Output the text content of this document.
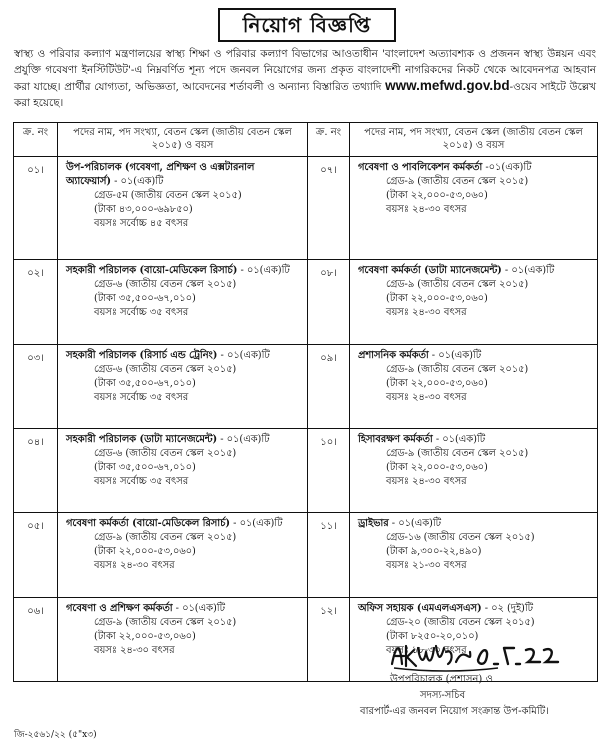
নিয়োগ বিজ্ঞপ্তি

স্বাস্থ্য ও পরিবার কল্যাণ মন্ত্রণালয়ের স্বাস্থ্য শিক্ষা ও পরিবার কল্যাণ বিভাগের আওতাধীন 'বাংলাদেশ অত্যাবশ্যক ও প্রজনন স্বাস্থ্য উন্নয়ন এবং প্রযুক্তি গবেষণা ইনস্টিটিউট'-এ নিম্নবর্ণিত শূন্য পদে জনবল নিয়োগের জন্য প্রকৃত বাংলাদেশী নাগরিকদের নিকট থেকে আবেদনপত্র আহবান করা যাচ্ছে। প্রার্থীর যোগ্যতা, অভিজ্ঞতা, আবেদনের শর্তাবলী ও অন্যান্য বিস্তারিত তথ্যাদি www.mefwd.gov.bd-ওয়েব সাইটে উল্লেখ করা হয়েছে।

ক্র. নং	পদের নাম, পদ সংখ্যা, বেতন স্কেল (জাতীয় বেতন স্কেল ২০১৫) ও বয়স	ক্র. নং	পদের নাম, পদ সংখ্যা, বেতন স্কেল (জাতীয় বেতন স্কেল ২০১৫) ও বয়স
০১।	উপ-পরিচালক (গবেষণা, প্রশিক্ষণ ও এক্সটারনাল অ্যাফেয়ার্স) - ০১(এক)টি
গ্রেড-৫ম (জাতীয় বেতন স্কেল ২০১৫)
(টাকা ৪৩,০০০-৬৯৮৫০)
বয়সঃ সর্বোচ্চ ৪৫ বৎসর	০৭।	গবেষণা ও পাবলিকেশন কর্মকর্তা -০১(এক)টি
গ্রেড-৯ (জাতীয় বেতন স্কেল ২০১৫)
(টাকা ২২,০০০-৫৩,০৬০)
বয়সঃ ২৪-৩০ বৎসর

০২।	সহকারী পরিচালক (বায়ো-মেডিকেল রিসার্চ) - ০১(এক)টি
গ্রেড-৬ (জাতীয় বেতন স্কেল ২০১৫)
(টাকা ৩৫,৫০০-৬৭,০১০)
বয়সঃ সর্বোচ্চ ৩৫ বৎসর	০৮।	গবেষণা কর্মকর্তা (ডাটা ম্যানেজমেন্ট) - ০১(এক)টি
গ্রেড-৯ (জাতীয় বেতন স্কেল ২০১৫)
(টাকা ২২,০০০-৫৩,০৬০)
বয়সঃ ২৪-৩০ বৎসর

০৩।	সহকারী পরিচালক (রিসার্চ এন্ড ট্রেনিং) - ০১(এক)টি
গ্রেড-৬ (জাতীয় বেতন স্কেল ২০১৫)
(টাকা ৩৫,৫০০-৬৭,০১০)
বয়সঃ সর্বোচ্চ ৩৫ বৎসর	০৯।	প্রশাসনিক কর্মকর্তা - ০১(এক)টি
গ্রেড-৯ (জাতীয় বেতন স্কেল ২০১৫)
(টাকা ২২,০০০-৫৩,০৬০)
বয়সঃ ২৪-৩০ বৎসর

০৪।	সহকারী পরিচালক (ডাটা ম্যানেজমেন্ট) - ০১(এক)টি
গ্রেড-৬ (জাতীয় বেতন স্কেল ২০১৫)
(টাকা ৩৫,৫০০-৬৭,০১০)
বয়সঃ সর্বোচ্চ ৩৫ বৎসর	১০।	হিসাবরক্ষণ কর্মকর্তা - ০১(এক)টি
গ্রেড-৯ (জাতীয় বেতন স্কেল ২০১৫)
(টাকা ২২,০০০-৫৩,০৬০)
বয়সঃ ২৪-৩০ বৎসর

০৫।	গবেষণা কর্মকর্তা (বায়ো-মেডিকেল রিসার্চ) - ০১(এক)টি
গ্রেড-৯ (জাতীয় বেতন স্কেল ২০১৫)
(টাকা ২২,০০০-৫৩,০৬০)
বয়সঃ ২৪-৩০ বৎসর	১১।	ড্রাইভার - ০১(এক)টি
গ্রেড-১৬ (জাতীয় বেতন স্কেল ২০১৫)
(টাকা ৯,৩০০-২২,৪৯০)
বয়সঃ ২১-৩০ বৎসর

০৬।	গবেষণা ও প্রশিক্ষণ কর্মকর্তা - ০১(এক)টি
গ্রেড-৯ (জাতীয় বেতন স্কেল ২০১৫)
(টাকা ২২,০০০-৫৩,০৬০)
বয়সঃ ২৪-৩০ বৎসর	১২।	অফিস সহায়ক (এমএলএসএস) - ০২ (দুই)টি
গ্রেড-২০ (জাতীয় বেতন স্কেল ২০১৫)
(টাকা ৮২৫০-২০,০১০)
বয়সঃ ১৮-৩০ বৎসর
উপপরিচালক (প্রশাসন) ও
সদস্য-সচিব
বারপার্ট-এর জনবল নিয়োগ সংক্রান্ত উপ-কমিটি।
জি-২৫৬১/২২ (৫"x৩)
